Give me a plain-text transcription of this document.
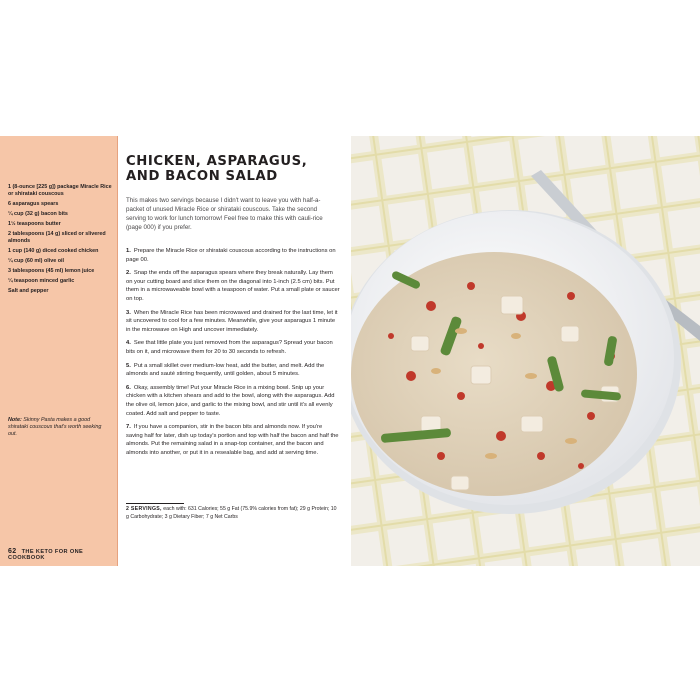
1 (8-ounce [225 g]) package Miracle Rice or shirataki couscous
6 asparagus spears
¼ cup (32 g) bacon bits
1½ teaspoons butter
2 tablespoons (14 g) sliced or slivered almonds
1 cup (140 g) diced cooked chicken
¼ cup (60 ml) olive oil
3 tablespoons (45 ml) lemon juice
¼ teaspoon minced garlic
Salt and pepper
Note: Skinny Pasta makes a good shirataki couscous that's worth seeking out.
62 THE KETO FOR ONE COOKBOOK
CHICKEN, ASPARAGUS, AND BACON SALAD
This makes two servings because I didn't want to leave you with half-a-packet of unused Miracle Rice or shirataki couscous. Take the second serving to work for lunch tomorrow! Feel free to make this with cauli-rice (page 000) if you prefer.
1. Prepare the Miracle Rice or shirataki couscous according to the instructions on page 00.
2. Snap the ends off the asparagus spears where they break naturally. Lay them on your cutting board and slice them on the diagonal into 1-inch (2.5 cm) bits. Put them in a microwaveable bowl with a teaspoon of water. Put a small plate or saucer on top.
3. When the Miracle Rice has been microwaved and drained for the last time, let it sit uncovered to cool for a few minutes. Meanwhile, give your asparagus 1 minute in the microwave on High and uncover immediately.
4. See that little plate you just removed from the asparagus? Spread your bacon bits on it, and microwave them for 20 to 30 seconds to refresh.
5. Put a small skillet over medium-low heat, add the butter, and melt. Add the almonds and sauté stirring frequently, until golden, about 5 minutes.
6. Okay, assembly time! Put your Miracle Rice in a mixing bowl. Snip up your chicken with a kitchen shears and add to the bowl, along with the asparagus. Add the olive oil, lemon juice, and garlic to the mixing bowl, and stir until it's all evenly coated. Add salt and pepper to taste.
7. If you have a companion, stir in the bacon bits and almonds now. If you're saving half for later, dish up today's portion and top with half the bacon and half the almonds. Put the remaining salad in a snap-top container, and the bacon and almonds into another, or put it in a resealable bag, and add at serving time.
2 SERVINGS, each with: 631 Calories; 55 g Fat (75.9% calories from fat); 29 g Protein; 10 g Carbohydrate; 3 g Dietary Fiber; 7 g Net Carbs
